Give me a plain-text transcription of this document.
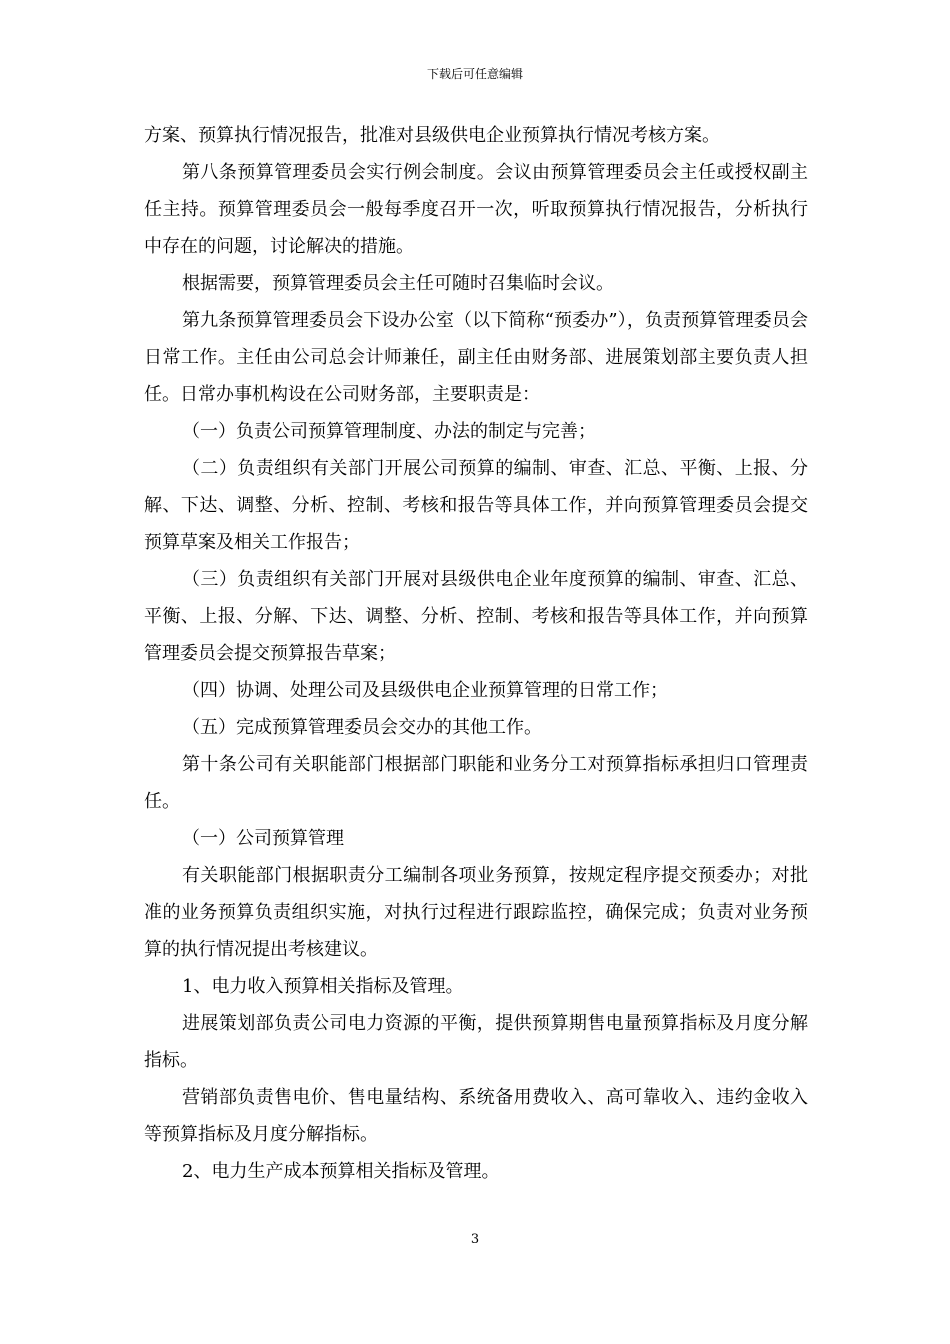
下载后可任意编辑

方案、预算执行情况报告，批准对县级供电企业预算执行情况考核方案。

第八条预算管理委员会实行例会制度。会议由预算管理委员会主任或授权副主任主持。预算管理委员会一般每季度召开一次，听取预算执行情况报告，分析执行中存在的问题，讨论解决的措施。

根据需要，预算管理委员会主任可随时召集临时会议。

第九条预算管理委员会下设办公室（以下简称“预委办”），负责预算管理委员会日常工作。主任由公司总会计师兼任，副主任由财务部、进展策划部主要负责人担任。日常办事机构设在公司财务部，主要职责是：

（一）负责公司预算管理制度、办法的制定与完善；

（二）负责组织有关部门开展公司预算的编制、审查、汇总、平衡、上报、分解、下达、调整、分析、控制、考核和报告等具体工作，并向预算管理委员会提交预算草案及相关工作报告；

（三）负责组织有关部门开展对县级供电企业年度预算的编制、审查、汇总、平衡、上报、分解、下达、调整、分析、控制、考核和报告等具体工作，并向预算管理委员会提交预算报告草案；

（四）协调、处理公司及县级供电企业预算管理的日常工作；

（五）完成预算管理委员会交办的其他工作。

第十条公司有关职能部门根据部门职能和业务分工对预算指标承担归口管理责任。

（一）公司预算管理

有关职能部门根据职责分工编制各项业务预算，按规定程序提交预委办；对批准的业务预算负责组织实施，对执行过程进行跟踪监控，确保完成；负责对业务预算的执行情况提出考核建议。

1、电力收入预算相关指标及管理。

进展策划部负责公司电力资源的平衡，提供预算期售电量预算指标及月度分解指标。

营销部负责售电价、售电量结构、系统备用费收入、高可靠收入、违约金收入等预算指标及月度分解指标。

2、电力生产成本预算相关指标及管理。

3
